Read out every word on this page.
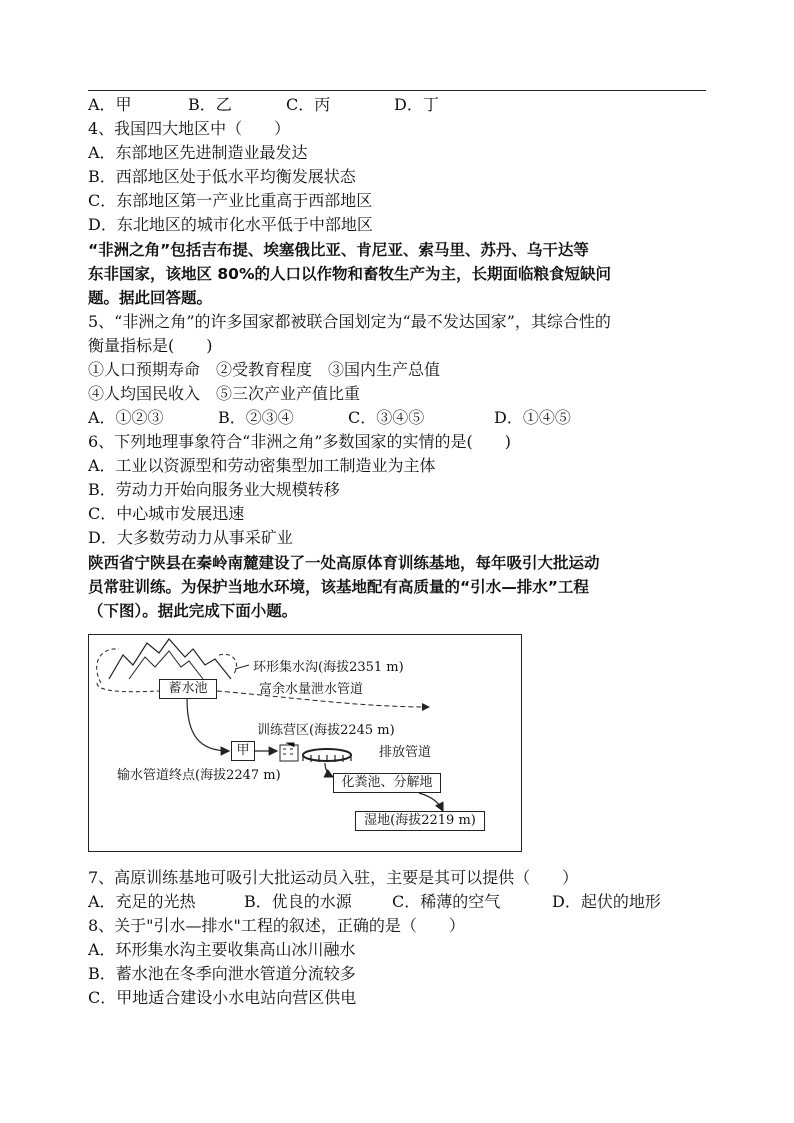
A．甲	B．乙	C．丙	D．丁
4、我国四大地区中（　　）
A．东部地区先进制造业最发达
B．西部地区处于低水平均衡发展状态
C．东部地区第一产业比重高于西部地区
D．东北地区的城市化水平低于中部地区
“非洲之角”包括吉布提、埃塞俄比亚、肯尼亚、索马里、苏丹、乌干达等
东非国家，该地区 80%的人口以作物和畜牧生产为主，长期面临粮食短缺问
题。据此回答题。
5、“非洲之角”的许多国家都被联合国划定为“最不发达国家”，其综合性的
衡量指标是(　　)
①人口预期寿命　②受教育程度　③国内生产总值
④人均国民收入　⑤三次产业产值比重
A．①②③	B．②③④	C．③④⑤	D．①④⑤
6、下列地理事象符合“非洲之角”多数国家的实情的是(　　)
A．工业以资源型和劳动密集型加工制造业为主体
B．劳动力开始向服务业大规模转移
C．中心城市发展迅速
D．大多数劳动力从事采矿业
陕西省宁陕县在秦岭南麓建设了一处高原体育训练基地，每年吸引大批运动
员常驻训练。为保护当地水环境，该基地配有高质量的“引水—排水”工程
（下图）。据此完成下面小题。
环形集水沟(海拔2351 m)
蓄水池	富余水量泄水管道
训练营区(海拔2245 m)
甲	排放管道
输水管道终点(海拔2247 m)	化粪池、分解地
湿地(海拔2219 m)
7、高原训练基地可吸引大批运动员入驻，主要是其可以提供（　　）
A．充足的光热	B．优良的水源	C．稀薄的空气	D．起伏的地形
8、关于"引水—排水"工程的叙述，正确的是（　　）
A．环形集水沟主要收集高山冰川融水
B．蓄水池在冬季向泄水管道分流较多
C．甲地适合建设小水电站向营区供电
